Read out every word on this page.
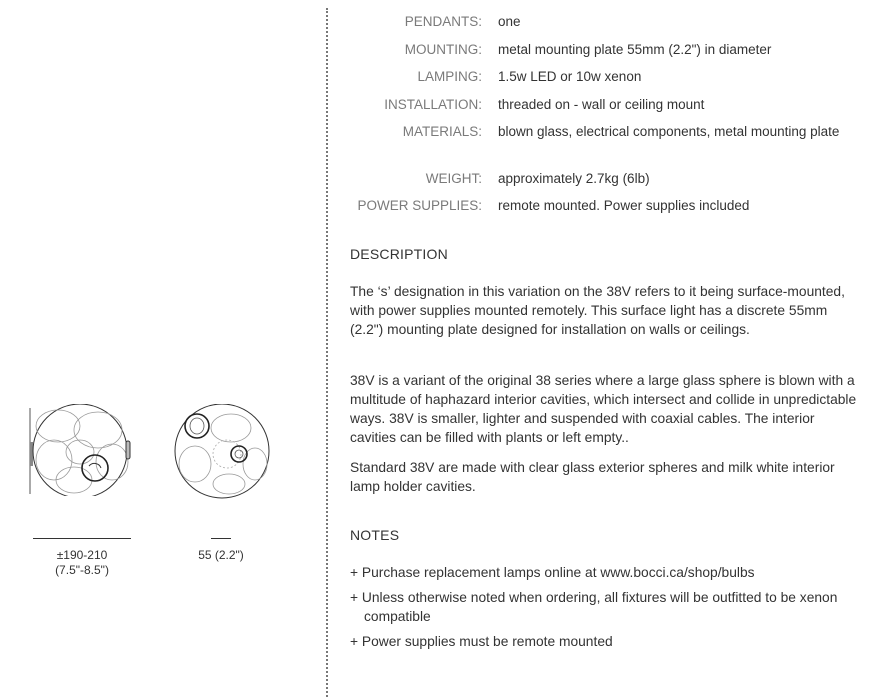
±190-210
(7.5"-8.5")
55 (2.2")
PENDANTS:	one
MOUNTING:	metal mounting plate 55mm (2.2") in diameter
LAMPING:	1.5w LED or 10w xenon
INSTALLATION:	threaded on - wall or ceiling mount
MATERIALS:	blown glass, electrical components, metal mounting plate
WEIGHT:	approximately 2.7kg (6lb)
POWER SUPPLIES:	remote mounted. Power supplies included
DESCRIPTION

The ‘s’ designation in this variation on the 38V refers to it being surface-mounted, with power supplies mounted remotely. This surface light has a discrete 55mm (2.2") mounting plate designed for installation on walls or ceilings.

38V is a variant of the original 38 series where a large glass sphere is blown with a multitude of haphazard interior cavities, which intersect and collide in unpredictable ways. 38V is smaller, lighter and suspended with coaxial cables. The interior cavities can be filled with plants or left empty..

Standard 38V are made with clear glass exterior spheres and milk white interior lamp holder cavities.

NOTES

+ Purchase replacement lamps online at www.bocci.ca/shop/bulbs

+ Unless otherwise noted when ordering, all fixtures will be outfitted to be xenon compatible

+ Power supplies must be remote mounted
